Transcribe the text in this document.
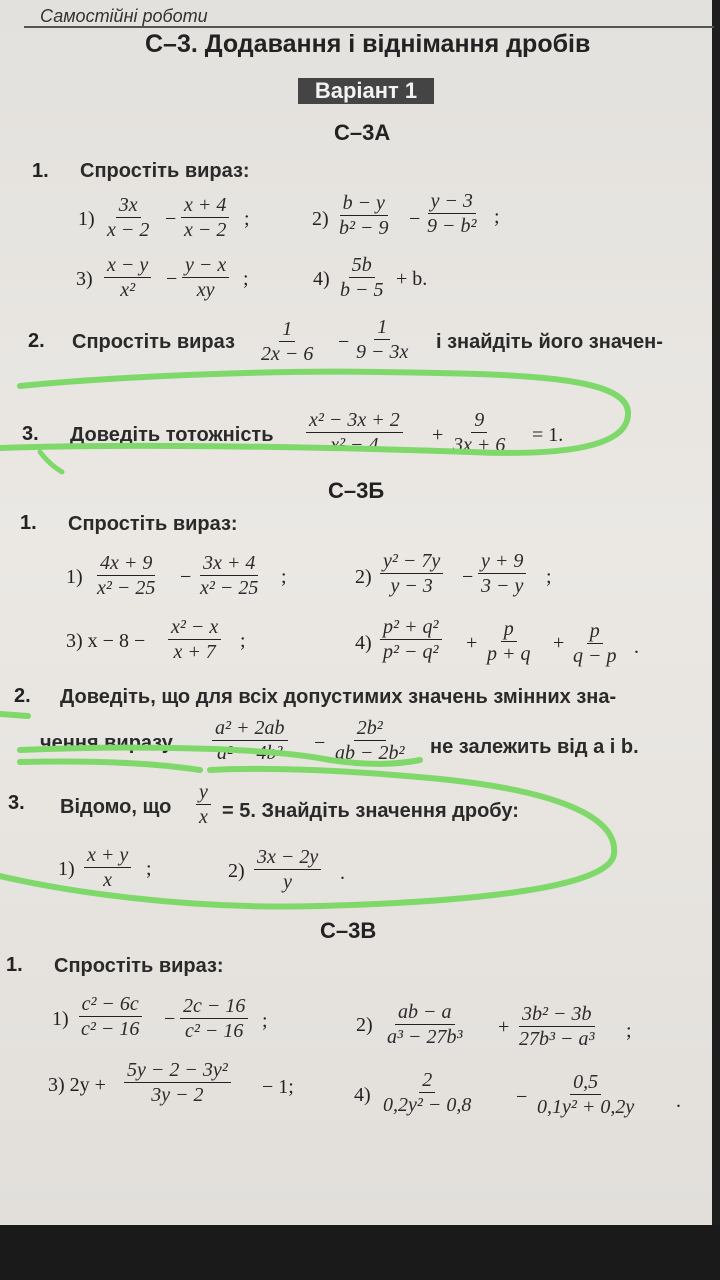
Самостійні роботи
С–3. Додавання і віднімання дробів
Варіант 1
С–3А
1. Спростіть вираз:
$1) \frac{3x}{x - 2} - \frac{x + 4}{x - 2}$ ;	$2) \frac{b - y}{\text{b² − 9}} - \frac{y - 3}{\text{9 − b²}}$ ;
$3) \frac{x - y}{\text{x²}} - \frac{y - x}{xy}$ ;	$4) \frac{5b}{b - 5} + b$.
2. Спростіть вираз $\frac{1}{2x - 6} - \frac{1}{9 - 3x}$ і знайдіть його значен-
3. Доведіть тотожність $\frac{\text{x² − 3x + 2}}{\text{x² − 4}} + \frac{9}{3x + 6} = 1$.
С–3Б
1. Спростіть вираз:
$1) \frac{4x + 9}{\text{x² − 25}} - \frac{3x + 4}{\text{x² − 25}}$ ;	$2) \frac{\text{y² − 7y}}{y - 3} - \frac{y + 9}{3 - y}$ ;
3) $x - 8 - \frac{\text{x² − x}}{x + 7}$ ;	$4) \frac{\text{p² + q²}}{\text{p² − q²}} + \frac{p}{p + q} + \frac{p}{q - p}$ .
2. Доведіть, що для всіх допустимих значень змінних зна-
чення виразу $\frac{\text{a² + 2ab}}{\text{a² − 4b²}} - \frac{\text{2b²}}{\text{ab − 2b²}}$ не залежить від a і b.
3. Відомо, що $\frac{y}{x} = 5$. Знайдіть значення дробу:
$1) \frac{x + y}{x}$ ;	$2) \frac{3x - 2y}{y}$ .
С–3В
1. Спростіть вираз:
$1) \frac{\text{c² − 6c}}{\text{c² − 16}} - \frac{2c - 16}{\text{c² − 16}}$ ;	$2) \frac{ab - a}{\text{a³ − 27b³}} + \frac{\text{3b² − 3b}}{\text{27b³ − a³}}$ ;
3) $2y + \frac{\text{5y − 2 − 3y²}}{3y - 2} - 1$;	$4) \frac{2}{\text{0,2y² − 0,8}} - \frac{0,5}{\text{0,1y² + 0,2y}}$ .
